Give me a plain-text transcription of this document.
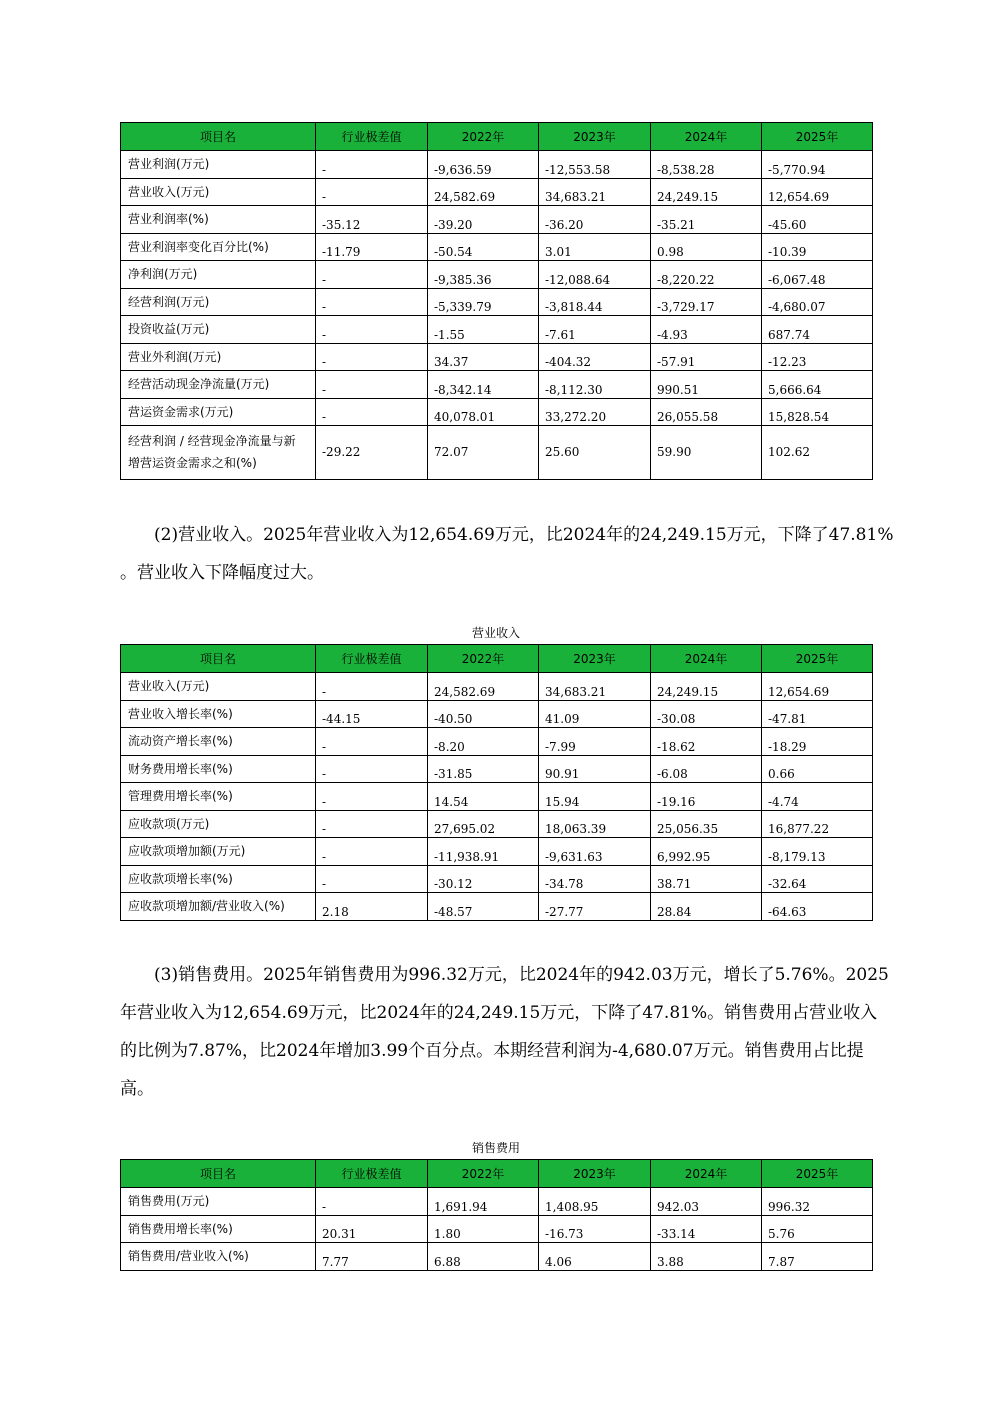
项目名	行业极差值	2022年	2023年	2024年	2025年
营业利润(万元)	-	-9,636.59	-12,553.58	-8,538.28	-5,770.94
营业收入(万元)	-	24,582.69	34,683.21	24,249.15	12,654.69
营业利润率(%)	-35.12	-39.20	-36.20	-35.21	-45.60
营业利润率变化百分比(%)	-11.79	-50.54	3.01	0.98	-10.39
净利润(万元)	-	-9,385.36	-12,088.64	-8,220.22	-6,067.48
经营利润(万元)	-	-5,339.79	-3,818.44	-3,729.17	-4,680.07
投资收益(万元)	-	-1.55	-7.61	-4.93	687.74
营业外利润(万元)	-	34.37	-404.32	-57.91	-12.23
经营活动现金净流量(万元)	-	-8,342.14	-8,112.30	990.51	5,666.64
营运资金需求(万元)	-	40,078.01	33,272.20	26,055.58	15,828.54

经营利润 / 经营现金净流量与新
增营运资金需求之和(%)	-29.22	72.07	25.60	59.90	102.62

(2)营业收入。2025年营业收入为12,654.69万元，比2024年的24,249.15万元，下降了47.81%
。营业收入下降幅度过大。

营业收入

项目名	行业极差值	2022年	2023年	2024年	2025年
营业收入(万元)	-	24,582.69	34,683.21	24,249.15	12,654.69
营业收入增长率(%)	-44.15	-40.50	41.09	-30.08	-47.81
流动资产增长率(%)	-	-8.20	-7.99	-18.62	-18.29
财务费用增长率(%)	-	-31.85	90.91	-6.08	0.66
管理费用增长率(%)	-	14.54	15.94	-19.16	-4.74
应收款项(万元)	-	27,695.02	18,063.39	25,056.35	16,877.22
应收款项增加额(万元)	-	-11,938.91	-9,631.63	6,992.95	-8,179.13
应收款项增长率(%)	-	-30.12	-34.78	38.71	-32.64
应收款项增加额/营业收入(%)	2.18	-48.57	-27.77	28.84	-64.63

(3)销售费用。2025年销售费用为996.32万元，比2024年的942.03万元，增长了5.76%。2025
年营业收入为12,654.69万元，比2024年的24,249.15万元，下降了47.81%。销售费用占营业收入
的比例为7.87%，比2024年增加3.99个百分点。本期经营利润为-4,680.07万元。销售费用占比提
高。

销售费用

项目名	行业极差值	2022年	2023年	2024年	2025年
销售费用(万元)	-	1,691.94	1,408.95	942.03	996.32
销售费用增长率(%)	20.31	1.80	-16.73	-33.14	5.76
销售费用/营业收入(%)	7.77	6.88	4.06	3.88	7.87
